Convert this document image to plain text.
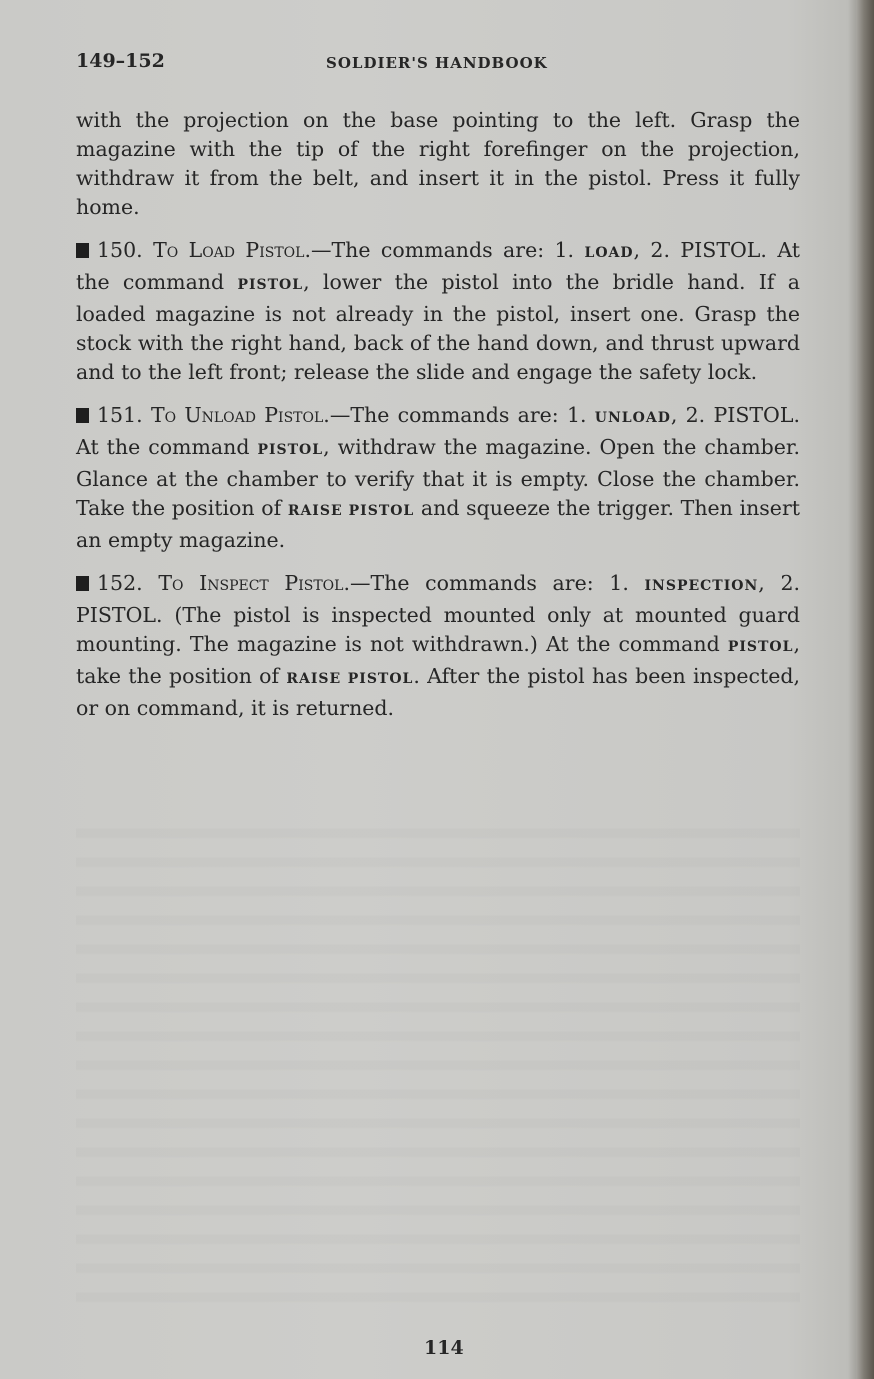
149–152	SOLDIER'S HANDBOOK

with the projection on the base pointing to the left. Grasp the magazine with the tip of the right forefinger on the projection, withdraw it from the belt, and insert it in the pistol. Press it fully home.

150. To Load Pistol.—The commands are: 1. LOAD, 2. PISTOL. At the command PISTOL, lower the pistol into the bridle hand. If a loaded magazine is not already in the pistol, insert one. Grasp the stock with the right hand, back of the hand down, and thrust upward and to the left front; release the slide and engage the safety lock.

151. To Unload Pistol.—The commands are: 1. UNLOAD, 2. PISTOL. At the command PISTOL, withdraw the magazine. Open the chamber. Glance at the chamber to verify that it is empty. Close the chamber. Take the position of RAISE PISTOL and squeeze the trigger. Then insert an empty magazine.

152. To Inspect Pistol.—The commands are: 1. INSPECTION, 2. PISTOL. (The pistol is inspected mounted only at mounted guard mounting. The magazine is not withdrawn.) At the command PISTOL, take the position of RAISE PISTOL. After the pistol has been inspected, or on command, it is returned.

114
